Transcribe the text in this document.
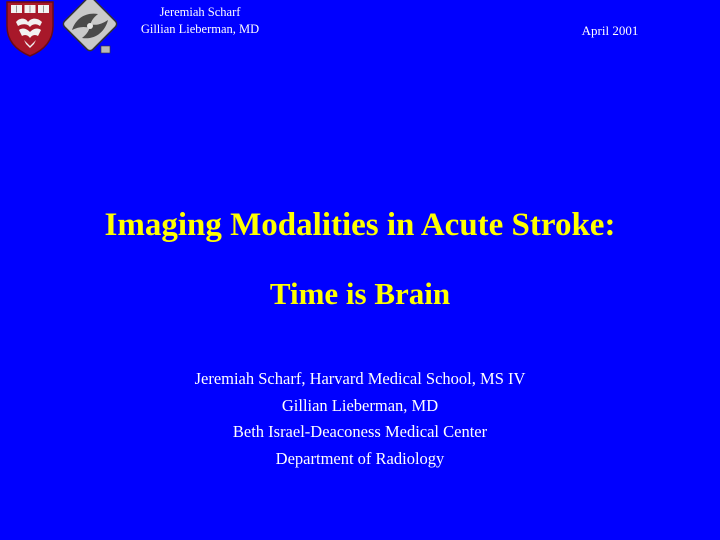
Jeremiah Scharf
Gillian Lieberman, MD	April 2001
Imaging Modalities in Acute Stroke:
Time is Brain
Jeremiah Scharf, Harvard Medical School, MS IV
Gillian Lieberman, MD
Beth Israel-Deaconess Medical Center
Department of Radiology
